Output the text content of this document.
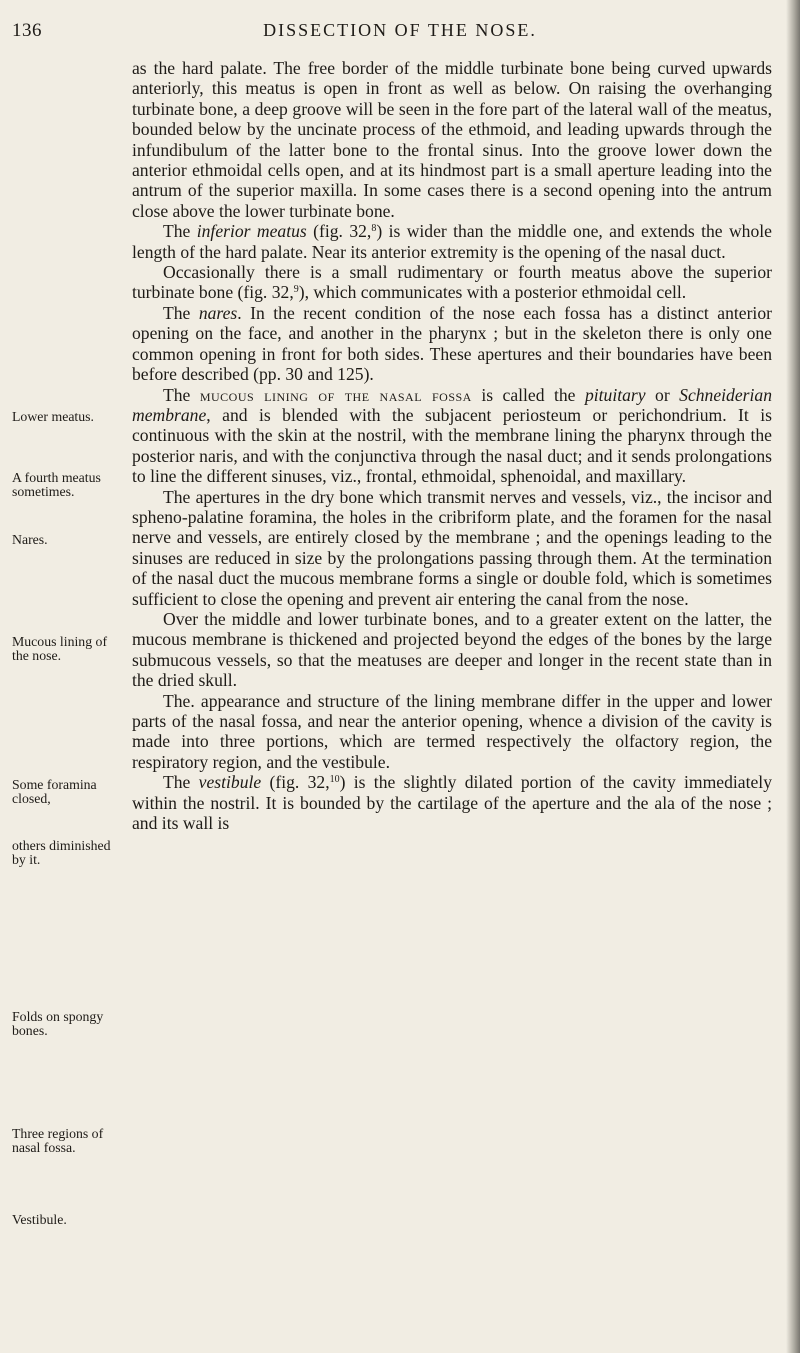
136	DISSECTION OF THE NOSE.
Lower meatus.
A fourth meatus sometimes.
Nares.
Mucous lining of the nose.
Some foramina closed,
others diminished by it.
Folds on spongy bones.
Three regions of nasal fossa.
Vestibule.

as the hard palate. The free border of the middle turbinate bone being curved upwards anteriorly, this meatus is open in front as well as below. On raising the overhanging turbinate bone, a deep groove will be seen in the fore part of the lateral wall of the meatus, bounded below by the uncinate process of the ethmoid, and leading upwards through the infundibulum of the latter bone to the frontal sinus. Into the groove lower down the anterior ethmoidal cells open, and at its hindmost part is a small aperture leading into the antrum of the superior maxilla. In some cases there is a second opening into the antrum close above the lower turbinate bone.

The inferior meatus (fig. 32,$^8$) is wider than the middle one, and extends the whole length of the hard palate. Near its anterior extremity is the opening of the nasal duct.

Occasionally there is a small rudimentary or fourth meatus above the superior turbinate bone (fig. 32,$^9$), which communicates with a posterior ethmoidal cell.

The nares. In the recent condition of the nose each fossa has a distinct anterior opening on the face, and another in the pharynx ; but in the skeleton there is only one common opening in front for both sides. These apertures and their boundaries have been before described (pp. 30 and 125).

The mucous lining of the nasal fossa is called the pituitary or Schneiderian membrane, and is blended with the subjacent periosteum or perichondrium. It is continuous with the skin at the nostril, with the membrane lining the pharynx through the posterior naris, and with the conjunctiva through the nasal duct; and it sends prolongations to line the different sinuses, viz., frontal, ethmoidal, sphenoidal, and maxillary.

The apertures in the dry bone which transmit nerves and vessels, viz., the incisor and spheno-palatine foramina, the holes in the cribriform plate, and the foramen for the nasal nerve and vessels, are entirely closed by the membrane ; and the openings leading to the sinuses are reduced in size by the prolongations passing through them. At the termination of the nasal duct the mucous membrane forms a single or double fold, which is sometimes sufficient to close the opening and prevent air entering the canal from the nose.

Over the middle and lower turbinate bones, and to a greater extent on the latter, the mucous membrane is thickened and projected beyond the edges of the bones by the large submucous vessels, so that the meatuses are deeper and longer in the recent state than in the dried skull.

The. appearance and structure of the lining membrane differ in the upper and lower parts of the nasal fossa, and near the anterior opening, whence a division of the cavity is made into three portions, which are termed respectively the olfactory region, the respiratory region, and the vestibule.

The vestibule (fig. 32,10) is the slightly dilated portion of the cavity immediately within the nostril. It is bounded by the cartilage of the aperture and the ala of the nose ; and its wall is
